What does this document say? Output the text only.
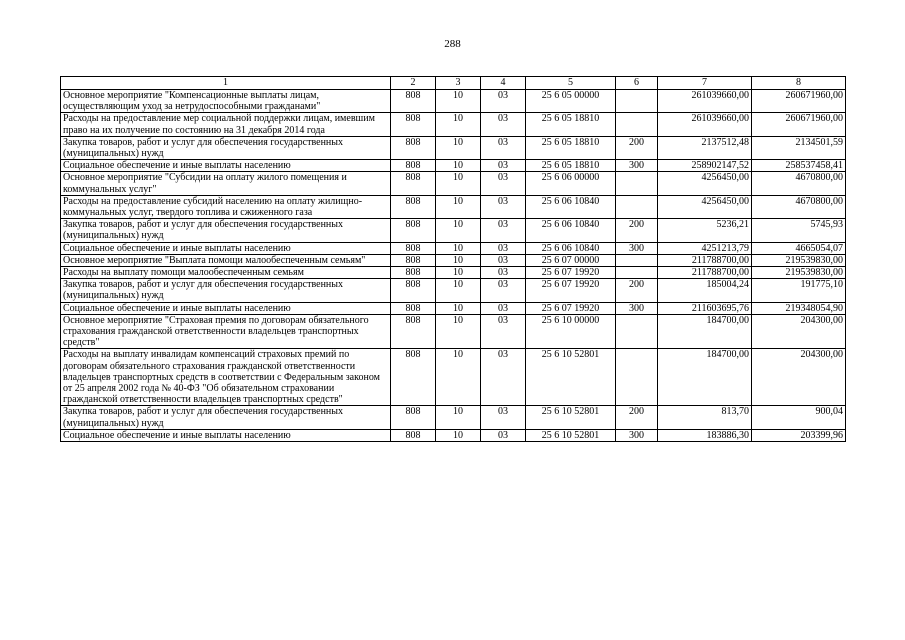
288
1	2	3	4	5	6	7	8
Основное мероприятие "Компенсационные выплаты лицам, осуществляющим уход за нетрудоспособными гражданами"	808	10	03	25 6 05 00000		261039660,00	260671960,00
Расходы на предоставление мер социальной поддержки лицам, имевшим право на их получение по состоянию на 31 декабря 2014 года	808	10	03	25 6 05 18810		261039660,00	260671960,00
Закупка товаров, работ и услуг для обеспечения государственных (муниципальных) нужд	808	10	03	25 6 05 18810	200	2137512,48	2134501,59
Социальное обеспечение и иные выплаты населению	808	10	03	25 6 05 18810	300	258902147,52	258537458,41
Основное мероприятие "Субсидии на оплату жилого помещения и коммунальных услуг"	808	10	03	25 6 06 00000		4256450,00	4670800,00
Расходы на предоставление субсидий населению на оплату жилищно-коммунальных услуг, твердого топлива и сжиженного газа	808	10	03	25 6 06 10840		4256450,00	4670800,00
Закупка товаров, работ и услуг для обеспечения государственных (муниципальных) нужд	808	10	03	25 6 06 10840	200	5236,21	5745,93
Социальное обеспечение и иные выплаты населению	808	10	03	25 6 06 10840	300	4251213,79	4665054,07
Основное мероприятие "Выплата помощи малообеспеченным семьям"	808	10	03	25 6 07 00000		211788700,00	219539830,00
Расходы на выплату помощи малообеспеченным семьям	808	10	03	25 6 07 19920		211788700,00	219539830,00
Закупка товаров, работ и услуг для обеспечения государственных (муниципальных) нужд	808	10	03	25 6 07 19920	200	185004,24	191775,10
Социальное обеспечение и иные выплаты населению	808	10	03	25 6 07 19920	300	211603695,76	219348054,90
Основное мероприятие "Страховая премия по договорам обязательного страхования гражданской ответственности владельцев транспортных средств"	808	10	03	25 6 10 00000		184700,00	204300,00
Расходы на выплату инвалидам компенсаций страховых премий по договорам обязательного страхования гражданской ответственности владельцев транспортных средств в соответствии с Федеральным законом от 25 апреля 2002 года № 40-ФЗ "Об обязательном страховании гражданской ответственности владельцев транспортных средств"	808	10	03	25 6 10 52801		184700,00	204300,00
Закупка товаров, работ и услуг для обеспечения государственных (муниципальных) нужд	808	10	03	25 6 10 52801	200	813,70	900,04
Социальное обеспечение и иные выплаты населению	808	10	03	25 6 10 52801	300	183886,30	203399,96
